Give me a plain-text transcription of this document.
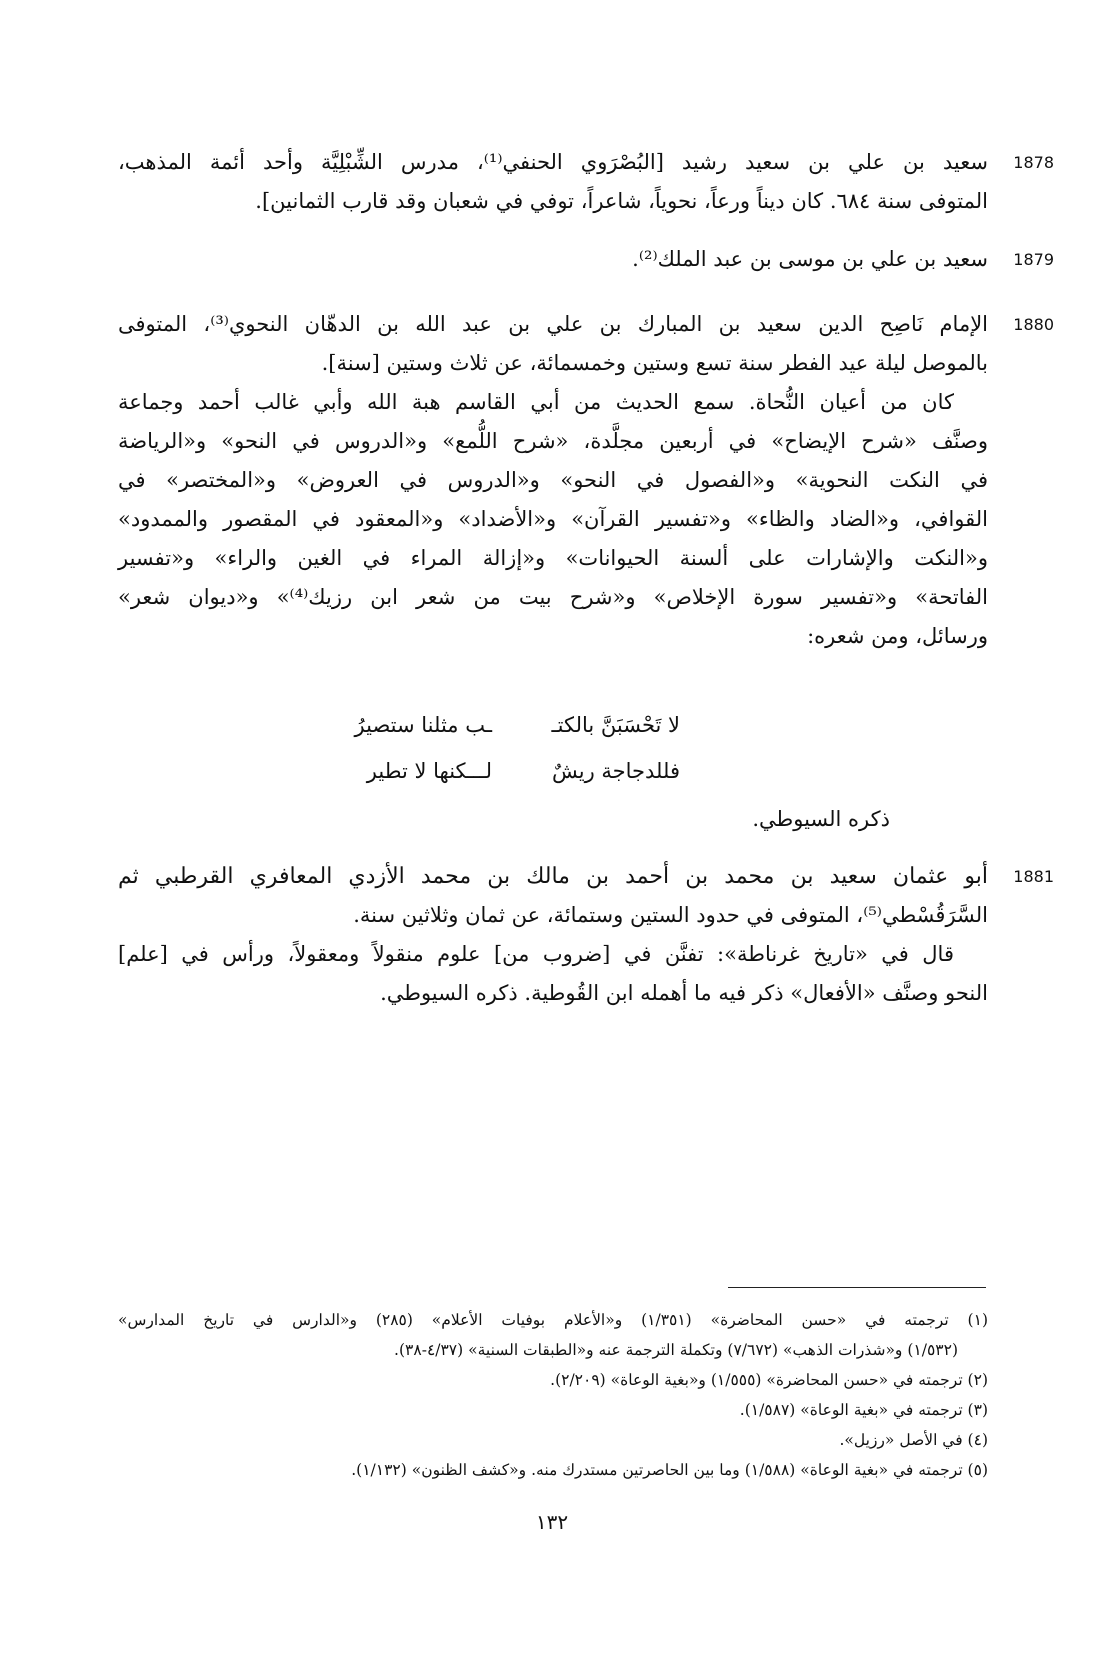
1878
سعيد بن علي بن سعيد رشيد [البُصْرَوي الحنفي⁽¹⁾، مدرس الشِّبْلِيَّة وأحد أئمة المذهب،
المتوفى سنة ٦٨٤. كان ديناً ورعاً، نحوياً، شاعراً، توفي في شعبان وقد قارب الثمانين].
1879
سعيد بن علي بن موسى بن عبد الملك⁽²⁾.
1880
الإمام نَاصِح الدين سعيد بن المبارك بن علي بن عبد الله بن الدهّان النحوي⁽³⁾، المتوفى
بالموصل ليلة عيد الفطر سنة تسع وستين وخمسمائة، عن ثلاث وستين [سنة].
كان من أعيان النُّحاة. سمع الحديث من أبي القاسم هبة الله وأبي غالب أحمد وجماعة
وصنَّف «شرح الإيضاح» في أربعين مجلَّدة، «شرح اللُّمع» و«الدروس في النحو» و«الرياضة
في النكت النحوية» و«الفصول في النحو» و«الدروس في العروض» و«المختصر» في
القوافي، و«الضاد والظاء» و«تفسير القرآن» و«الأضداد» و«المعقود في المقصور والممدود»
و«النكت والإشارات على ألسنة الحيوانات» و«إزالة المراء في الغين والراء» و«تفسير
الفاتحة» و«تفسير سورة الإخلاص» و«شرح بيت من شعر ابن رزيك⁽⁴⁾» و«ديوان شعر»
ورسائل، ومن شعره:
لا تَحْسَبَنَّ بالكتـ
ـب مثلنا ستصيرُ
فللدجاجة ريشٌ
لـــكنها لا تطير
ذكره السيوطي.
1881
أبو عثمان سعيد بن محمد بن أحمد بن مالك بن محمد الأزدي المعافري القرطبي ثم
السَّرَقُسْطي⁽⁵⁾، المتوفى في حدود الستين وستمائة، عن ثمان وثلاثين سنة.
قال في «تاريخ غرناطة»: تفنَّن في [ضروب من] علوم منقولاً ومعقولاً، ورأس في [علم]
النحو وصنَّف «الأفعال» ذكر فيه ما أهمله ابن القُوطية. ذكره السيوطي.
(١) ترجمته في «حسن المحاضرة» (١/٣٥١) و«الأعلام بوفيات الأعلام» (٢٨٥) و«الدارس في تاريخ المدارس»
(١/٥٣٢) و«شذرات الذهب» (٧/٦٧٢) وتكملة الترجمة عنه و«الطبقات السنية» (٤/٣٧-٣٨).
(٢) ترجمته في «حسن المحاضرة» (١/٥٥٥) و«بغية الوعاة» (٢/٢٠٩).
(٣) ترجمته في «بغية الوعاة» (١/٥٨٧).
(٤) في الأصل «رزيل».
(٥) ترجمته في «بغية الوعاة» (١/٥٨٨) وما بين الحاصرتين مستدرك منه. و«كشف الظنون» (١/١٣٢).
١٣٢
